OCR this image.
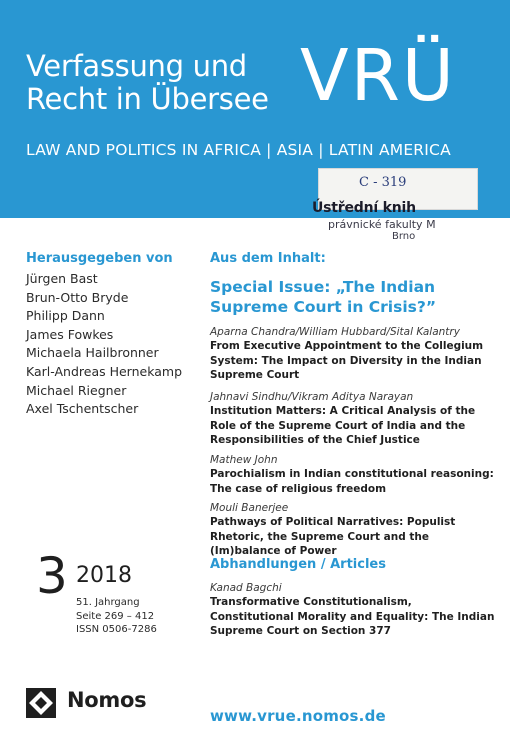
Verfassung und
Recht in Übersee VRÜ
LAW AND POLITICS IN AFRICA | ASIA | LATIN AMERICA
C - 319
Ústřední knih
právnické fakulty M
Brno
Herausgegeben von
Jürgen Bast
Brun-Otto Bryde
Philipp Dann
James Fowkes
Michaela Hailbronner
Karl-Andreas Hernekamp
Michael Riegner
Axel Tschentscher
Aus dem Inhalt:
Special Issue: „The Indian
Supreme Court in Crisis?”
Aparna Chandra/William Hubbard/Sital Kalantry
From Executive Appointment to the Collegium System: The Impact on Diversity in the Indian Supreme Court
Jahnavi Sindhu/Vikram Aditya Narayan
Institution Matters: A Critical Analysis of the Role of the Supreme Court of India and the Responsibilities of the Chief Justice
Mathew John
Parochialism in Indian constitutional reasoning: The case of religious freedom
Mouli Banerjee
Pathways of Political Narratives: Populist Rhetoric, the Supreme Court and the (Im)balance of Power
Abhandlungen / Articles
Kanad Bagchi
Transformative Constitutionalism, Constitutional Morality and Equality: The Indian Supreme Court on Section 377
3 2018
51. Jahrgang
Seite 269 – 412
ISSN 0506-7286
Nomos
www.vrue.nomos.de
